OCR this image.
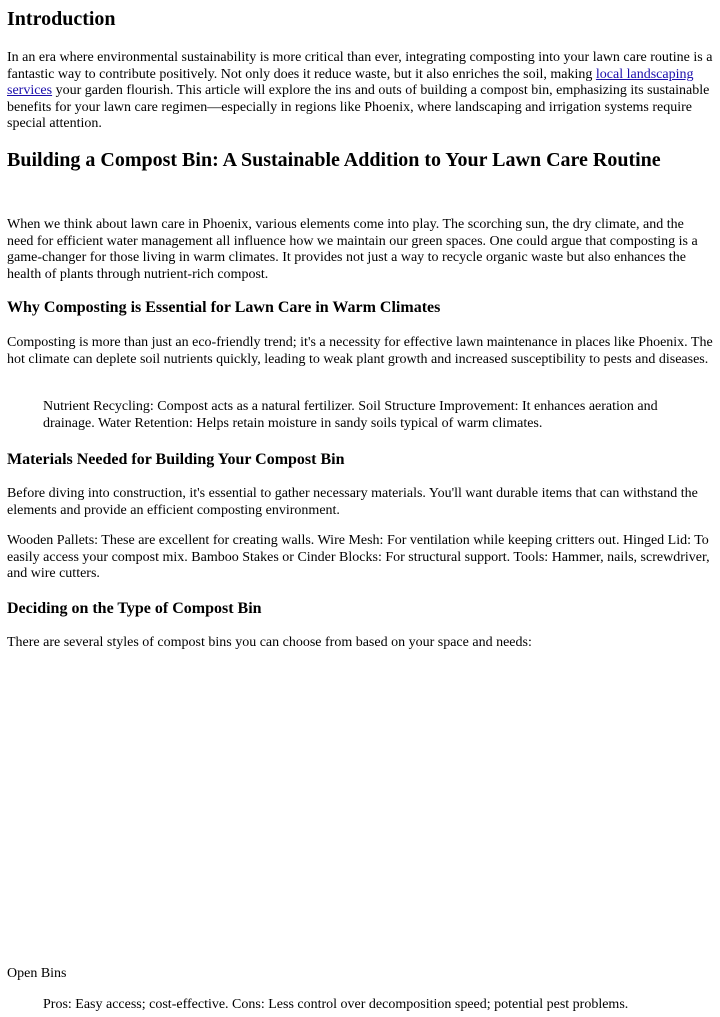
Introduction

In an era where environmental sustainability is more critical than ever, integrating composting into your lawn care routine is a fantastic way to contribute positively. Not only does it reduce waste, but it also enriches the soil, making local landscaping services your garden flourish. This article will explore the ins and outs of building a compost bin, emphasizing its sustainable benefits for your lawn care regimen—especially in regions like Phoenix, where landscaping and irrigation systems require special attention.

Building a Compost Bin: A Sustainable Addition to Your Lawn Care Routine

When we think about lawn care in Phoenix, various elements come into play. The scorching sun, the dry climate, and the need for efficient water management all influence how we maintain our green spaces. One could argue that composting is a game-changer for those living in warm climates. It provides not just a way to recycle organic waste but also enhances the health of plants through nutrient-rich compost.

Why Composting is Essential for Lawn Care in Warm Climates

Composting is more than just an eco-friendly trend; it's a necessity for effective lawn maintenance in places like Phoenix. The hot climate can deplete soil nutrients quickly, leading to weak plant growth and increased susceptibility to pests and diseases.

Nutrient Recycling: Compost acts as a natural fertilizer. Soil Structure Improvement: It enhances aeration and drainage. Water Retention: Helps retain moisture in sandy soils typical of warm climates.

Materials Needed for Building Your Compost Bin

Before diving into construction, it's essential to gather necessary materials. You'll want durable items that can withstand the elements and provide an efficient composting environment.

Wooden Pallets: These are excellent for creating walls. Wire Mesh: For ventilation while keeping critters out. Hinged Lid: To easily access your compost mix. Bamboo Stakes or Cinder Blocks: For structural support. Tools: Hammer, nails, screwdriver, and wire cutters.

Deciding on the Type of Compost Bin

There are several styles of compost bins you can choose from based on your space and needs:

Open Bins

Pros: Easy access; cost-effective. Cons: Less control over decomposition speed; potential pest problems.
